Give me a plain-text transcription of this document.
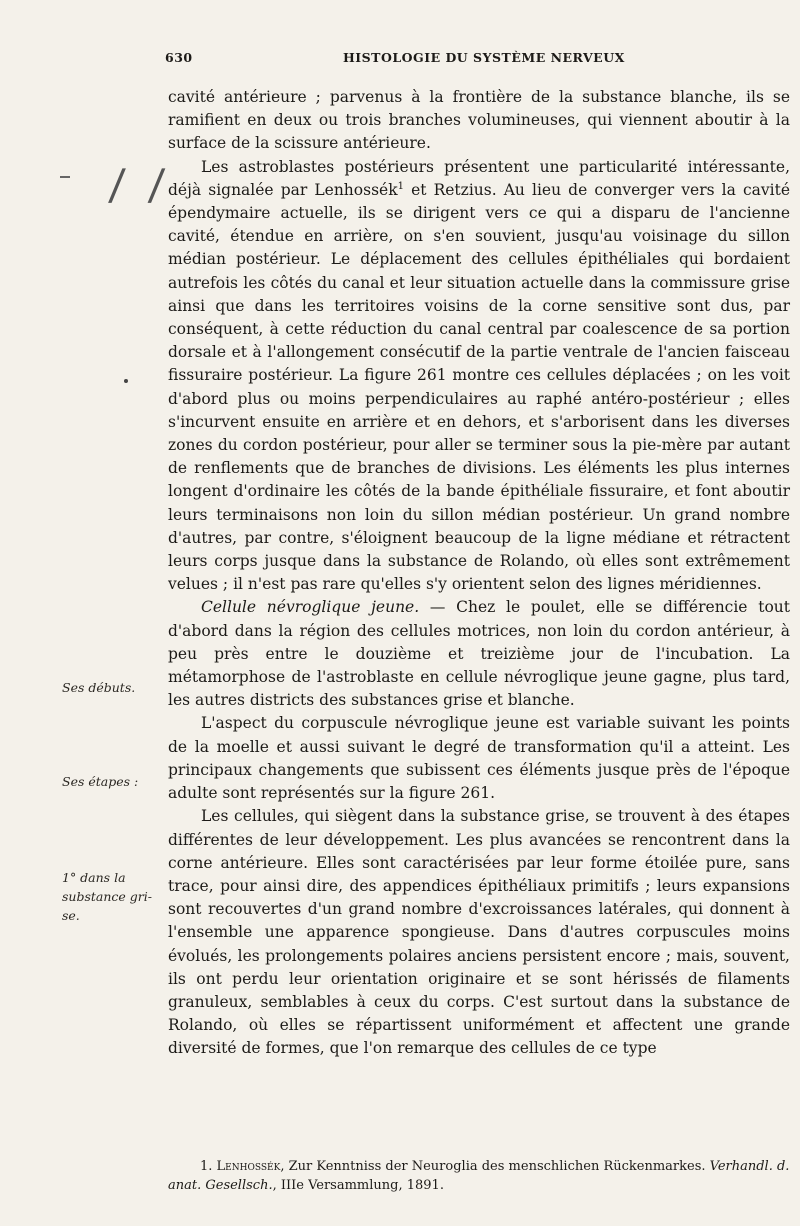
630	HISTOLOGIE DU SYSTÈME NERVEUX
/ /
Ses débuts.
Ses étapes :
1° dans la substance gri-se.

cavité antérieure ; parvenus à la frontière de la substance blanche, ils se ramifient en deux ou trois branches volumineuses, qui viennent aboutir à la surface de la scissure antérieure.

Les astroblastes postérieurs présentent une particularité intéressante, déjà signalée par Lenhossék$^1$ et Retzius. Au lieu de converger vers la cavité épendymaire actuelle, ils se dirigent vers ce qui a disparu de l'ancienne cavité, étendue en arrière, on s'en souvient, jusqu'au voisinage du sillon médian postérieur. Le déplacement des cellules épithéliales qui bordaient autrefois les côtés du canal et leur situation actuelle dans la commissure grise ainsi que dans les territoires voisins de la corne sensitive sont dus, par conséquent, à cette réduction du canal central par coalescence de sa portion dorsale et à l'allongement consécutif de la partie ventrale de l'ancien faisceau fissuraire postérieur. La figure 261 montre ces cellules déplacées ; on les voit d'abord plus ou moins perpendiculaires au raphé antéro-postérieur ; elles s'incurvent ensuite en arrière et en dehors, et s'arborisent dans les diverses zones du cordon postérieur, pour aller se terminer sous la pie-mère par autant de renflements que de branches de divisions. Les éléments les plus internes longent d'ordinaire les côtés de la bande épithéliale fissuraire, et font aboutir leurs terminaisons non loin du sillon médian postérieur. Un grand nombre d'autres, par contre, s'éloignent beaucoup de la ligne médiane et rétractent leurs corps jusque dans la substance de Rolando, où elles sont extrêmement velues ; il n'est pas rare qu'elles s'y orientent selon des lignes méridiennes.

Cellule névroglique jeune. — Chez le poulet, elle se différencie tout d'abord dans la région des cellules motrices, non loin du cordon antérieur, à peu près entre le douzième et treizième jour de l'incubation. La métamorphose de l'astroblaste en cellule névroglique jeune gagne, plus tard, les autres districts des substances grise et blanche.

L'aspect du corpuscule névroglique jeune est variable suivant les points de la moelle et aussi suivant le degré de transformation qu'il a atteint. Les principaux changements que subissent ces éléments jusque près de l'époque adulte sont représentés sur la figure 261.

Les cellules, qui siègent dans la substance grise, se trouvent à des étapes différentes de leur développement. Les plus avancées se rencontrent dans la corne antérieure. Elles sont caractérisées par leur forme étoilée pure, sans trace, pour ainsi dire, des appendices épithéliaux primitifs ; leurs expansions sont recouvertes d'un grand nombre d'excroissances latérales, qui donnent à l'ensemble une apparence spongieuse. Dans d'autres corpuscules moins évolués, les prolongements polaires anciens persistent encore ; mais, souvent, ils ont perdu leur orientation originaire et se sont hérissés de filaments granuleux, semblables à ceux du corps. C'est surtout dans la substance de Rolando, où elles se répartissent uniformément et affectent une grande diversité de formes, que l'on remarque des cellules de ce type

1. Lenhossék, Zur Kenntniss der Neuroglia des menschlichen Rückenmarkes. Verhandl. d. anat. Gesellsch., IIIe Versammlung, 1891.
